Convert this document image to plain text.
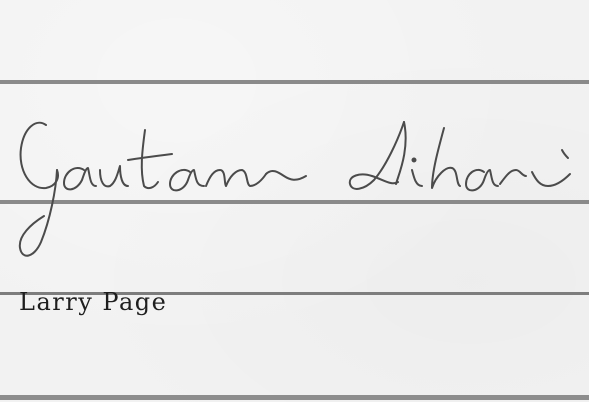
Larry Page
